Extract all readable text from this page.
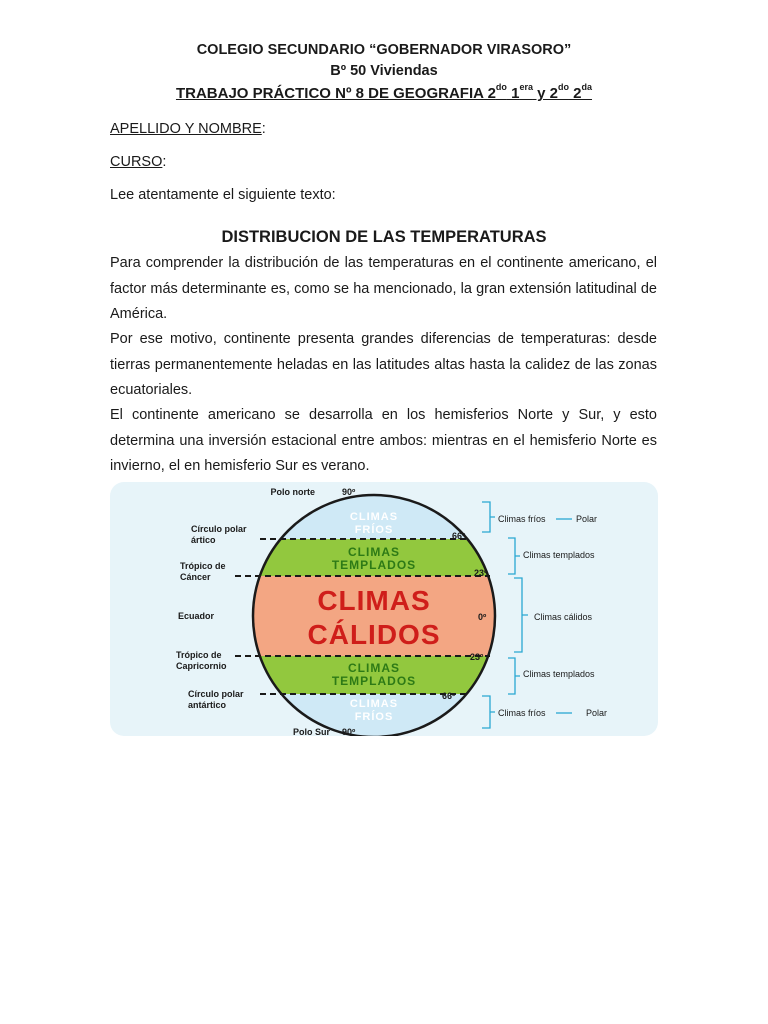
COLEGIO SECUNDARIO “GOBERNADOR VIRASORO”
Bº 50 Viviendas
TRABAJO PRÁCTICO Nº 8 DE GEOGRAFIA $2^{do}$ $1^{era}$ y $2^{do}$ $2^{da}$
APELLIDO Y NOMBRE:
CURSO:
Lee atentamente el siguiente texto:
DISTRIBUCION DE LAS TEMPERATURAS
Para comprender la distribución de las temperaturas en el continente americano, el factor más determinante es, como se ha mencionado, la gran extensión latitudinal de América.
Por ese motivo, continente presenta grandes diferencias de temperaturas: desde tierras permanentemente heladas en las latitudes altas hasta la calidez de las zonas ecuatoriales.
El continente americano se desarrolla en los hemisferios Norte y Sur, y esto determina una inversión estacional entre ambos: mientras en el hemisferio Norte es invierno, el en hemisferio Sur es verano.
CLIMAS
FRÍOS
CLIMAS
TEMPLADOS
CLIMAS
CÁLIDOS
CLIMAS
TEMPLADOS
CLIMAS
FRÍOS
Polo norte	90º
Círculo polar
ártico	66º
Trópico de
Cáncer	23º
Ecuador	0º
Trópico de
Capricornio
23º
Círculo polar
antártico
66º
Polo Sur 90º
Climas fríos	Polar
Climas templados
Climas cálidos
Climas templados
Climas fríos	Polar
